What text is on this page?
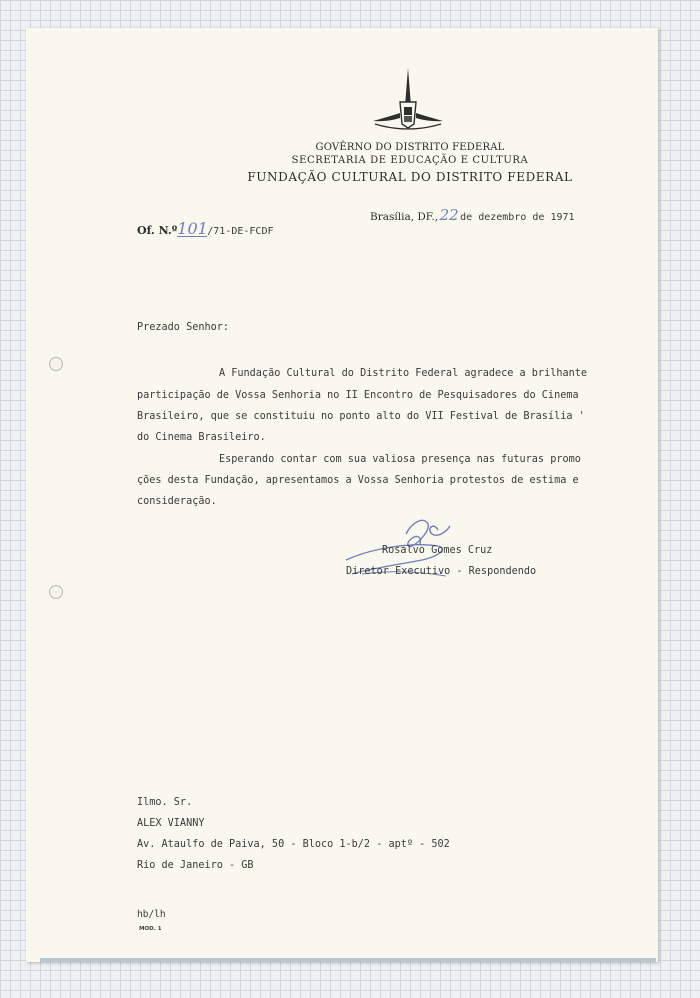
GOVÊRNO DO DISTRITO FEDERAL
SECRETARIA DE EDUCAÇÃO E CULTURA
FUNDAÇÃO CULTURAL DO DISTRITO FEDERAL
Brasília, DF.,22de dezembro de 1971
Of. N.º101/71-DE-FCDF
Prezado Senhor:
A Fundação Cultural do Distrito Federal agradece a brilhante
participação de Vossa Senhoria no II Encontro de Pesquisadores do Cinema
Brasileiro, que se constituiu no ponto alto do VII Festival de Brasília '
do Cinema Brasileiro.
Esperando contar com sua valiosa presença nas futuras promo
ções desta Fundação, apresentamos a Vossa Senhoria protestos de estima e
consideração.
Rosalvo Gomes Cruz
Diretor Executivo - Respondendo
Ilmo. Sr.
ALEX VIANNY
Av. Ataulfo de Paiva, 50 - Bloco 1-b/2 - aptº - 502
Rio de Janeiro - GB
hb/lh
MOD. 1
